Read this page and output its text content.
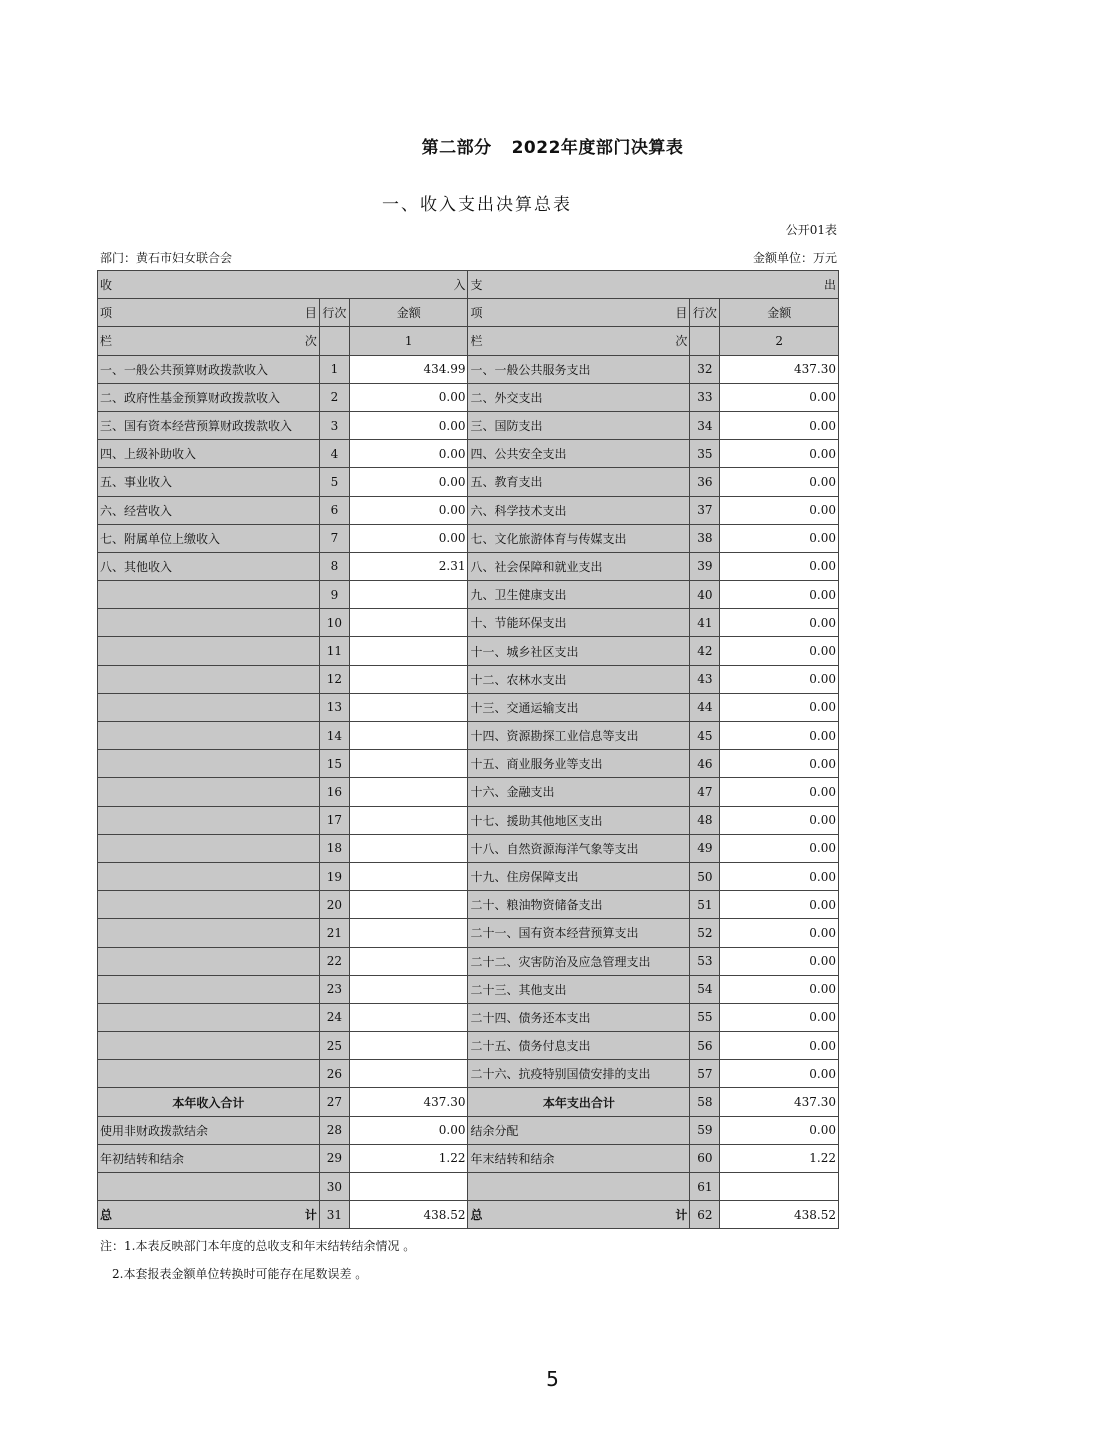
第二部分 2022年度部门决算表
一、收入支出决算总表
公开01表
部门：黄石市妇女联合会	金额单位：万元
收 入			支 出		

项 目	行次	金额	项 目	行次	金额

栏 次		1	栏 次		2
一、一般公共预算财政拨款收入	1	434.99	一、一般公共服务支出	32	437.30
二、政府性基金预算财政拨款收入	2	0.00	二、外交支出	33	0.00
三、国有资本经营预算财政拨款收入	3	0.00	三、国防支出	34	0.00
四、上级补助收入	4	0.00	四、公共安全支出	35	0.00
五、事业收入	5	0.00	五、教育支出	36	0.00
六、经营收入	6	0.00	六、科学技术支出	37	0.00
七、附属单位上缴收入	7	0.00	七、文化旅游体育与传媒支出	38	0.00
八、其他收入	8	2.31	八、社会保障和就业支出	39	0.00
	9		九、卫生健康支出	40	0.00
	10		十、节能环保支出	41	0.00
	11		十一、城乡社区支出	42	0.00
	12		十二、农林水支出	43	0.00
	13		十三、交通运输支出	44	0.00
	14		十四、资源勘探工业信息等支出	45	0.00
	15		十五、商业服务业等支出	46	0.00
	16		十六、金融支出	47	0.00
	17		十七、援助其他地区支出	48	0.00
	18		十八、自然资源海洋气象等支出	49	0.00
	19		十九、住房保障支出	50	0.00
	20		二十、粮油物资储备支出	51	0.00
	21		二十一、国有资本经营预算支出	52	0.00
	22		二十二、灾害防治及应急管理支出	53	0.00
	23		二十三、其他支出	54	0.00
	24		二十四、债务还本支出	55	0.00
	25		二十五、债务付息支出	56	0.00
	26		二十六、抗疫特别国债安排的支出	57	0.00
本年收入合计	27	437.30	本年支出合计	58	437.30
使用非财政拨款结余	28	0.00	结余分配	59	0.00
年初结转和结余	29	1.22	年末结转和结余	60	1.22
	30			61	

总 计	31	438.52	总 计	62	438.52
注：1.本表反映部门本年度的总收支和年末结转结余情况 。
2.本套报表金额单位转换时可能存在尾数误差 。
5
